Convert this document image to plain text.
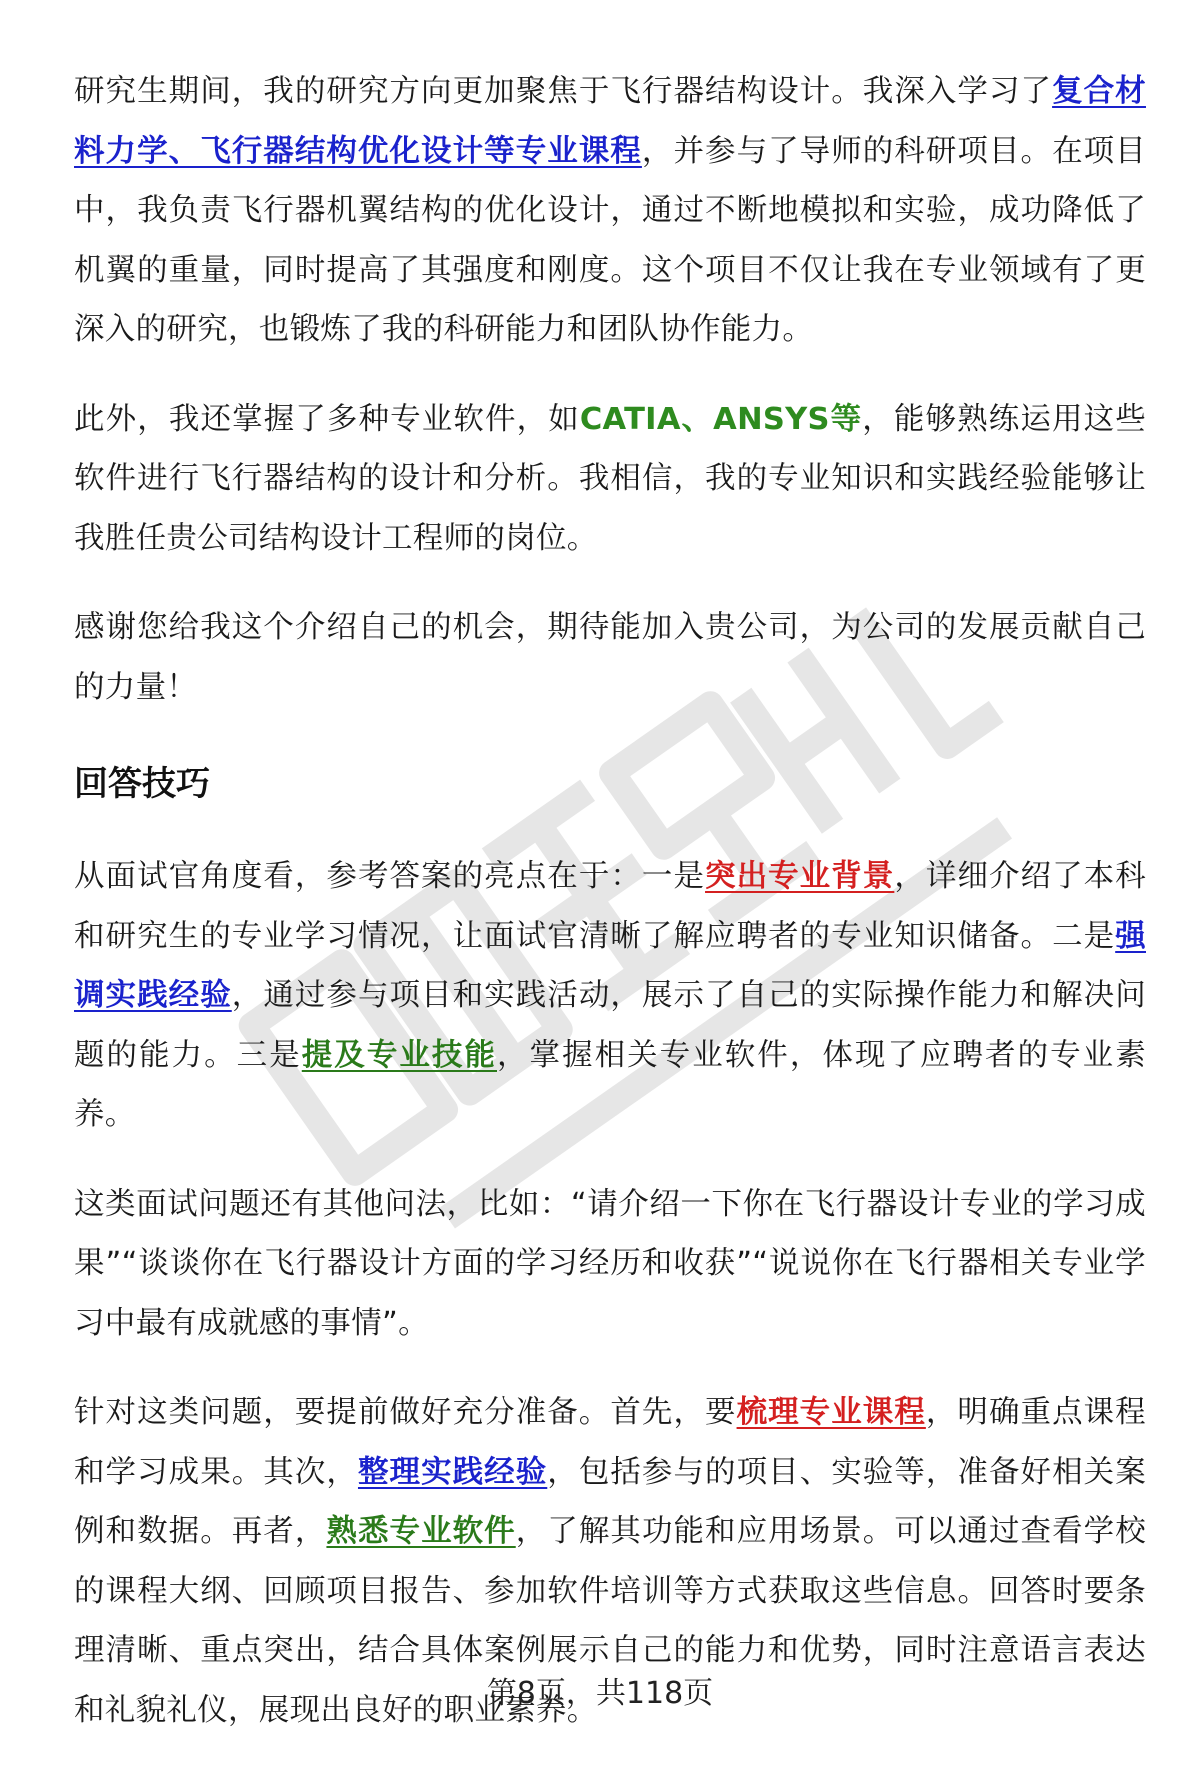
研究生期间，我的研究方向更加聚焦于飞行器结构设计。我深入学习了复合材料力学、飞行器结构优化设计等专业课程，并参与了导师的科研项目。在项目中，我负责飞行器机翼结构的优化设计，通过不断地模拟和实验，成功降低了机翼的重量，同时提高了其强度和刚度。这个项目不仅让我在专业领域有了更深入的研究，也锻炼了我的科研能力和团队协作能力。

此外，我还掌握了多种专业软件，如CATIA、ANSYS等，能够熟练运用这些软件进行飞行器结构的设计和分析。我相信，我的专业知识和实践经验能够让我胜任贵公司结构设计工程师的岗位。

感谢您给我这个介绍自己的机会，期待能加入贵公司，为公司的发展贡献自己的力量！

回答技巧

从面试官角度看，参考答案的亮点在于：一是突出专业背景，详细介绍了本科和研究生的专业学习情况，让面试官清晰了解应聘者的专业知识储备。二是强调实践经验，通过参与项目和实践活动，展示了自己的实际操作能力和解决问题的能力。三是提及专业技能，掌握相关专业软件，体现了应聘者的专业素养。

这类面试问题还有其他问法，比如：“请介绍一下你在飞行器设计专业的学习成果”“谈谈你在飞行器设计方面的学习经历和收获”“说说你在飞行器相关专业学习中最有成就感的事情”。

针对这类问题，要提前做好充分准备。首先，要梳理专业课程，明确重点课程和学习成果。其次，整理实践经验，包括参与的项目、实验等，准备好相关案例和数据。再者，熟悉专业软件，了解其功能和应用场景。可以通过查看学校的课程大纲、回顾项目报告、参加软件培训等方式获取这些信息。回答时要条理清晰、重点突出，结合具体案例展示自己的能力和优势，同时注意语言表达和礼貌礼仪，展现出良好的职业素养。

第8页，共118页
